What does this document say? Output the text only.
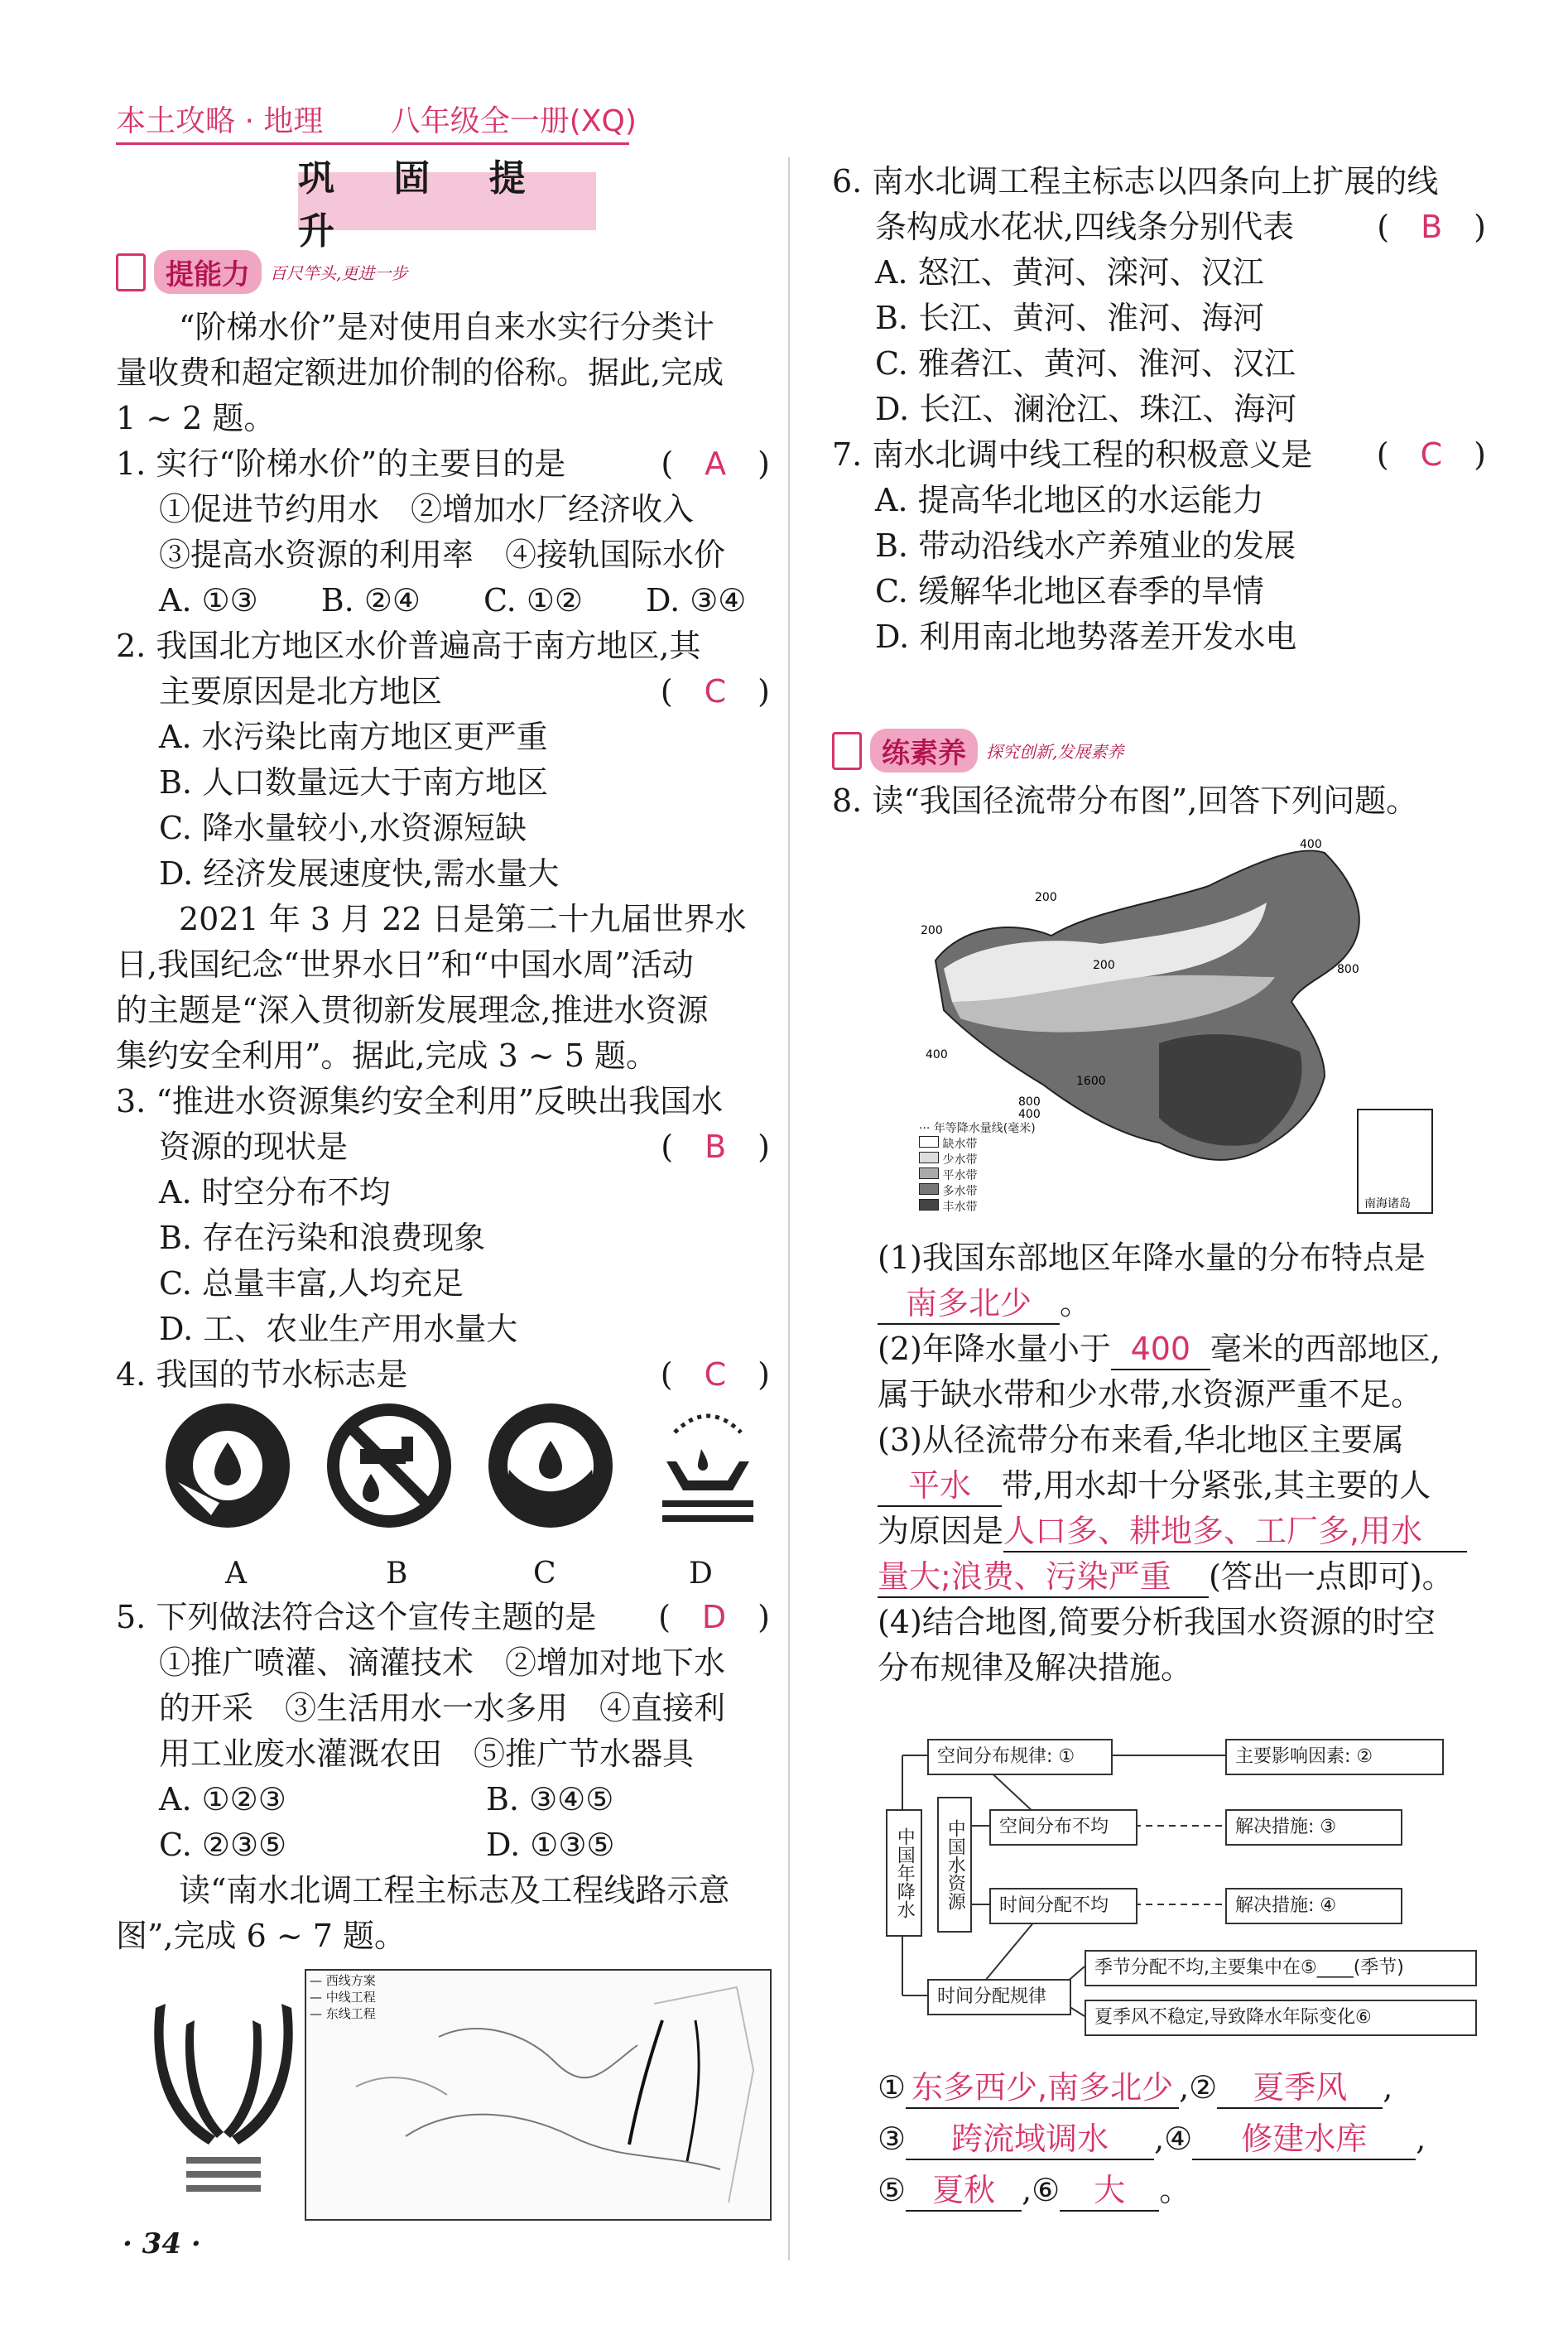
本土攻略 · 地理 八年级全一册(XQ)
巩 固 提 升
提能力	百尺竿头,更进一步

“阶梯水价”是对使用自来水实行分类计

量收费和超定额进加价制的俗称。据此,完成

1 ~ 2 题。

1. 实行“阶梯水价”的主要目的是	(　A　)

①促进节约用水　②增加水厂经济收入

③提高水资源的利用率　④接轨国际水价

A. ①③　　B. ②④　　C. ①②　　D. ③④

2. 我国北方地区水价普遍高于南方地区,其

主要原因是北方地区	(　C　)

A. 水污染比南方地区更严重

B. 人口数量远大于南方地区

C. 降水量较小,水资源短缺

D. 经济发展速度快,需水量大

2021 年 3 月 22 日是第二十九届世界水

日,我国纪念“世界水日”和“中国水周”活动

的主题是“深入贯彻新发展理念,推进水资源

集约安全利用”。据此,完成 3 ~ 5 题。

3. “推进水资源集约安全利用”反映出我国水

资源的现状是	(　B　)

A. 时空分布不均

B. 存在污染和浪费现象

C. 总量丰富,人均充足

D. 工、农业生产用水量大

4. 我国的节水标志是	(　C　)

A	B	C	D

5. 下列做法符合这个宣传主题的是 (　D　)

①推广喷灌、滴灌技术　②增加对地下水

的开采　③生活用水一水多用　④直接利

用工业废水灌溉农田　⑤推广节水器具

A. ①②③	B. ③④⑤

C. ②③⑤	D. ①③⑤

读“南水北调工程主标志及工程线路示意

图”,完成 6 ~ 7 题。

— 西线方案
— 中线工程
— 东线工程

6. 南水北调工程主标志以四条向上扩展的线

条构成水花状,四线条分别代表	(　B　)

A. 怒江、黄河、滦河、汉江

B. 长江、黄河、淮河、海河

C. 雅砻江、黄河、淮河、汉江

D. 长江、澜沧江、珠江、海河

7. 南水北调中线工程的积极意义是 (　C　)

A. 提高华北地区的水运能力

B. 带动沿线水产养殖业的发展

C. 缓解华北地区春季的旱情

D. 利用南北地势落差开发水电

练素养	探究创新,发展素养

8. 读“我国径流带分布图”,回答下列问题。

南海诸岛
400
200
200
200	800
400
1600
800
400
··· 年等降水量线(毫米)
缺水带
少水带
平水带
多水带
丰水带

(1)我国东部地区年降水量的分布特点是

南多北少 。

(2)年降水量小于 400 毫米的西部地区,

属于缺水带和少水带,水资源严重不足。

(3)从径流带分布来看,华北地区主要属

平水 带,用水却十分紧张,其主要的人

为原因是人口多、耕地多、工厂多,用水

量大;浪费、污染严重 (答出一点即可)。

(4)结合地图,简要分析我国水资源的时空

分布规律及解决措施。

空间分布规律: ①	主要影响因素: ②
中国年降水	中国水资源	空间分布不均	解决措施: ③
时间分配不均	解决措施: ④
时间分配规律
季节分配不均,主要集中在⑤____(季节)
夏季风不稳定,导致降水年际变化⑥

① 东多西少,南多北少 ,② 夏季风 ,

③ 跨流域调水 ,④ 修建水库 ,

⑤ 夏秋 ,⑥ 大 。

· 34 ·
